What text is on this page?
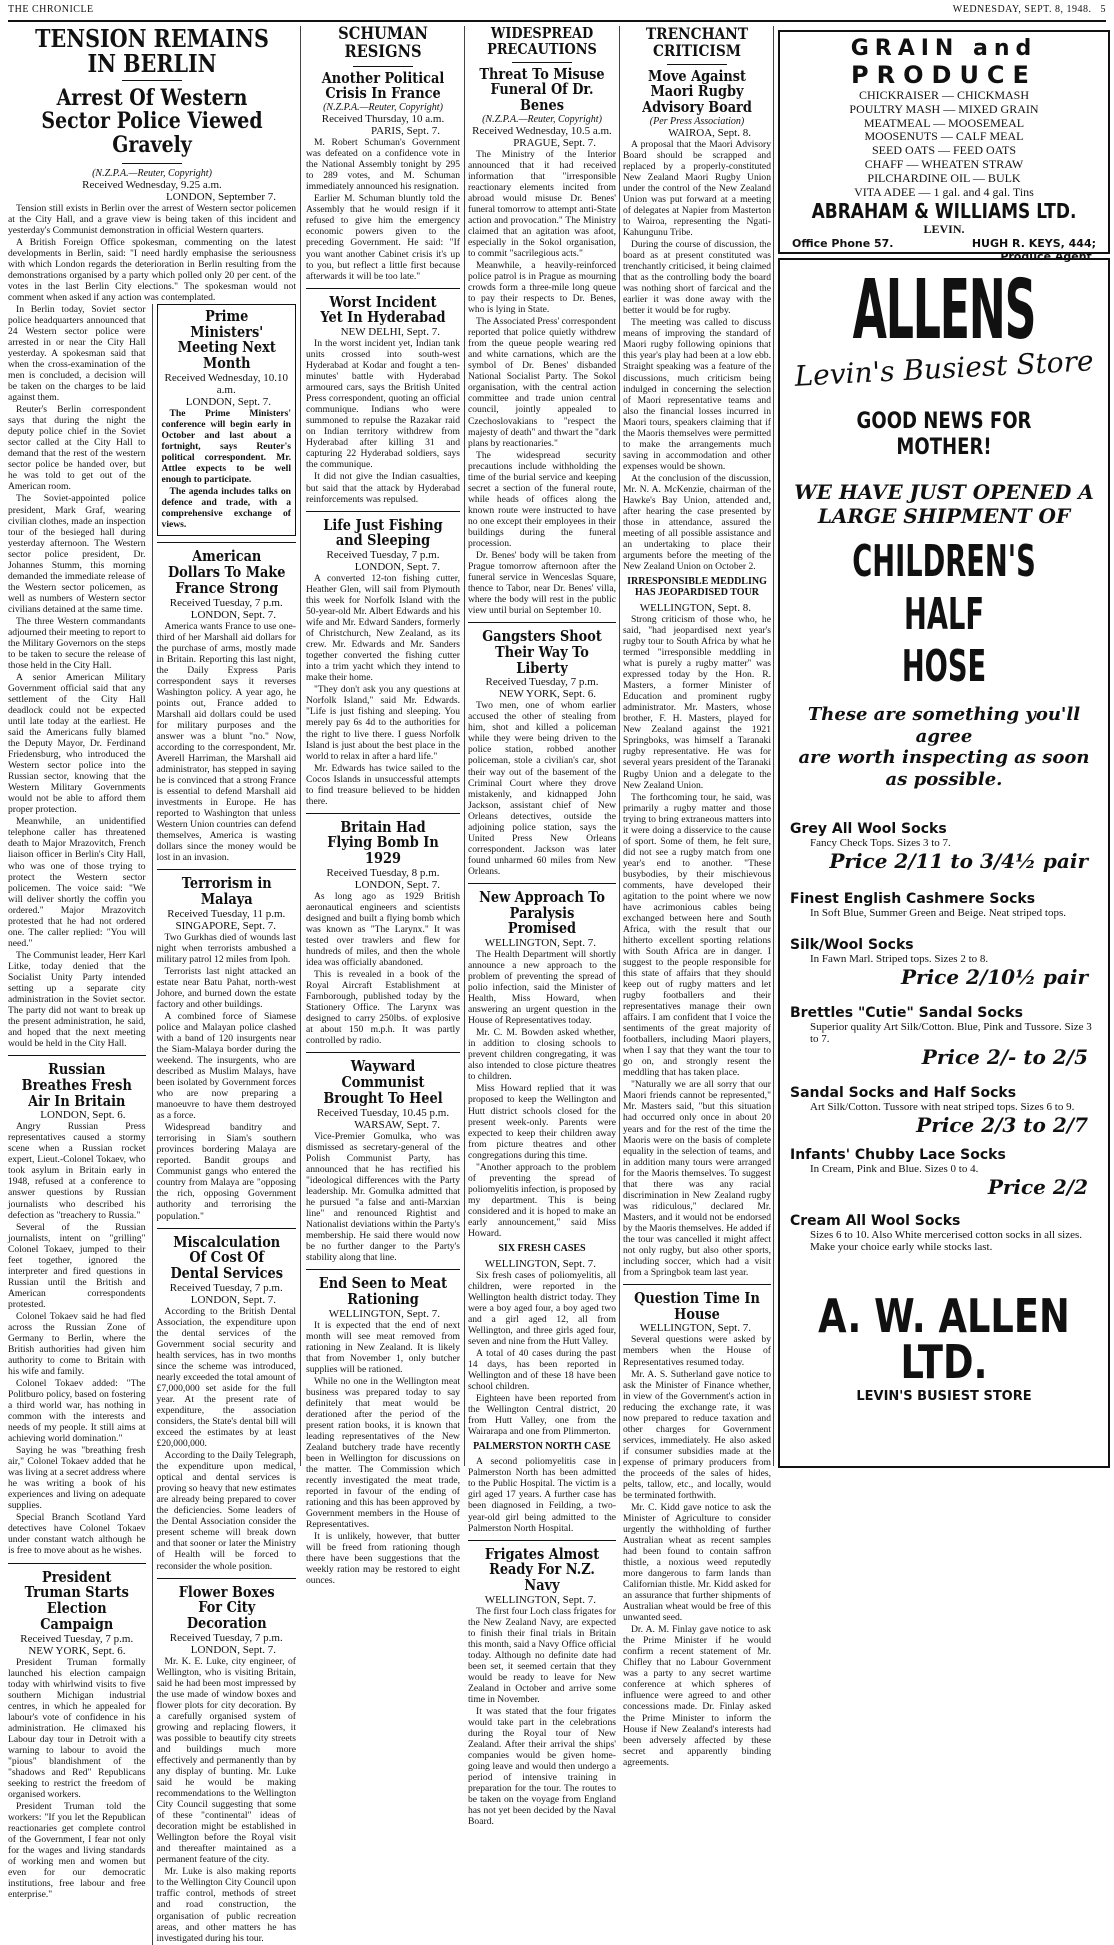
THE CHRONICLE	WEDNESDAY, SEPT. 8, 1948. 5
TENSION REMAINS IN BERLIN
Arrest Of Western Sector Police Viewed Gravely
(N.Z.P.A.—Reuter, Copyright)
Received Wednesday, 9.25 a.m.
LONDON, September 7.

Tension still exists in Berlin over the arrest of Western sector policemen at the City Hall, and a grave view is being taken of this incident and yesterday's Communist demonstration in official Western quarters.

A British Foreign Office spokesman, commenting on the latest developments in Berlin, said: "I need hardly emphasise the seriousness with which London regards the deterioration in Berlin resulting from the demonstrations organised by a party which polled only 20 per cent. of the votes in the last Berlin City elections." The spokesman would not comment when asked if any action was contemplated.

In Berlin today, Soviet sector police headquarters announced that 24 Western sector police were arrested in or near the City Hall yesterday. A spokesman said that when the cross-examination of the men is concluded, a decision will be taken on the charges to be laid against them.

Reuter's Berlin correspondent says that during the night the deputy police chief in the Soviet sector called at the City Hall to demand that the rest of the western sector police be handed over, but he was told to get out of the American room.

The Soviet-appointed police president, Mark Graf, wearing civilian clothes, made an inspection tour of the besieged hall during yesterday afternoon. The Western sector police president, Dr. Johannes Stumm, this morning demanded the immediate release of the Western sector policemen, as well as numbers of Western sector civilians detained at the same time.

The three Western commandants adjourned their meeting to report to the Military Governors on the steps to be taken to secure the release of those held in the City Hall.

A senior American Military Government official said that any settlement of the City Hall deadlock could not be expected until late today at the earliest. He said the Americans fully blamed the Deputy Mayor, Dr. Ferdinand Friedensburg, who introduced the Western sector police into the Russian sector, knowing that the Western Military Governments would not be able to afford them proper protection.

Meanwhile, an unidentified telephone caller has threatened death to Major Mrazovitch, French liaison officer in Berlin's City Hall, who was one of those trying to protect the Western sector policemen. The voice said: "We will deliver shortly the coffin you ordered." Major Mrazovitch protested that he had not ordered one. The caller replied: "You will need."

The Communist leader, Herr Karl Litke, today denied that the Socialist Unity Party intended setting up a separate city administration in the Soviet sector. The party did not want to break up the present administration, he said, and hoped that the next meeting would be held in the City Hall.

Russian Breathes Fresh Air In Britain
LONDON, Sept. 6.

Angry Russian Press representatives caused a stormy scene when a Russian rocket expert, Lieut.-Colonel Tokaev, who took asylum in Britain early in 1948, refused at a conference to answer questions by Russian journalists who described his defection as "treachery to Russia."

Several of the Russian journalists, intent on "grilling" Colonel Tokaev, jumped to their feet together, ignored the interpreter and fired questions in Russian until the British and American correspondents protested.

Colonel Tokaev said he had fled across the Russian Zone of Germany to Berlin, where the British authorities had given him authority to come to Britain with his wife and family.

Colonel Tokaev added: "The Politburo policy, based on fostering a third world war, has nothing in common with the interests and needs of my people. It still aims at achieving world domination."

Saying he was "breathing fresh air," Colonel Tokaev added that he was living at a secret address where he was writing a book of his experiences and living on adequate supplies.

Special Branch Scotland Yard detectives have Colonel Tokaev under constant watch although he is free to move about as he wishes.

President Truman Starts Election Campaign
Received Tuesday, 7 p.m.
NEW YORK, Sept. 6.

President Truman formally launched his election campaign today with whirlwind visits to five southern Michigan industrial centres, in which he appealed for labour's vote of confidence in his administration. He climaxed his Labour day tour in Detroit with a warning to labour to avoid the "pious" blandishment of the "shadows and Red" Republicans seeking to restrict the freedom of organised workers.

President Truman told the workers: "If you let the Republican reactionaries get complete control of the Government, I fear not only for the wages and living standards of working men and women but even for our democratic institutions, free labour and free enterprise."

Prime Ministers' Meeting Next Month
Received Wednesday, 10.10 a.m.
LONDON, Sept. 7.

The Prime Ministers' conference will begin early in October and last about a fortnight, says Reuter's political correspondent. Mr. Attlee expects to be well enough to participate.

The agenda includes talks on defence and trade, with a comprehensive exchange of views.

American Dollars To Make France Strong
Received Tuesday, 7 p.m.
LONDON, Sept. 7.

America wants France to use one-third of her Marshall aid dollars for the purchase of arms, mostly made in Britain. Reporting this last night, the Daily Express Paris correspondent says it reverses Washington policy. A year ago, he points out, France added to Marshall aid dollars could be used for military purposes and the answer was a blunt "no." Now, according to the correspondent, Mr. Averell Harriman, the Marshall aid administrator, has stepped in saying he is convinced that a strong France is essential to defend Marshall aid investments in Europe. He has reported to Washington that unless Western Union countries can defend themselves, America is wasting dollars since the money would be lost in an invasion.

Terrorism in Malaya
Received Tuesday, 11 p.m.
SINGAPORE, Sept. 7.

Two Gurkhas died of wounds last night when terrorists ambushed a military patrol 12 miles from Ipoh.

Terrorists last night attacked an estate near Batu Pahat, north-west Johore, and burned down the estate factory and other buildings.

A combined force of Siamese police and Malayan police clashed with a band of 120 insurgents near the Siam-Malaya border during the weekend. The insurgents, who are described as Muslim Malays, have been isolated by Government forces who are now preparing a manoeuvre to have them destroyed as a force.

Widespread banditry and terrorising in Siam's southern provinces bordering Malaya are reported. Bandit groups and Communist gangs who entered the country from Malaya are "opposing the rich, opposing Government authority and terrorising the population."

Miscalculation Of Cost Of Dental Services
Received Tuesday, 7 p.m.
LONDON, Sept. 7.

According to the British Dental Association, the expenditure upon the dental services of the Government social security and health services, has in two months since the scheme was introduced, nearly exceeded the total amount of £7,000,000 set aside for the full year. At the present rate of expenditure, the association considers, the State's dental bill will exceed the estimates by at least £20,000,000.

According to the Daily Telegraph, the expenditure upon medical, optical and dental services is proving so heavy that new estimates are already being prepared to cover the deficiencies. Some leaders of the Dental Association consider the present scheme will break down and that sooner or later the Ministry of Health will be forced to reconsider the whole position.

Flower Boxes For City Decoration
Received Tuesday, 7 p.m.
LONDON, Sept. 7.

Mr. K. E. Luke, city engineer, of Wellington, who is visiting Britain, said he had been most impressed by the use made of window boxes and flower plots for city decoration. By a carefully organised system of growing and replacing flowers, it was possible to beautify city streets and buildings much more effectively and permanently than by any display of bunting. Mr. Luke said he would be making recommendations to the Wellington City Council suggesting that some of these "continental" ideas of decoration might be established in Wellington before the Royal visit and thereafter maintained as a permanent feature of the city.

Mr. Luke is also making reports to the Wellington City Council upon traffic control, methods of street and road construction, the organisation of public recreation areas, and other matters he has investigated during his tour.

SCHUMAN RESIGNS
Another Political Crisis In France
(N.Z.P.A.—Reuter, Copyright)
Received Thursday, 10 a.m.
PARIS, Sept. 7.

M. Robert Schuman's Government was defeated on a confidence vote in the National Assembly tonight by 295 to 289 votes, and M. Schuman immediately announced his resignation.

Earlier M. Schuman bluntly told the Assembly that he would resign if it refused to give him the emergency economic powers given to the preceding Government. He said: "If you want another Cabinet crisis it's up to you, but reflect a little first because afterwards it will be too late."

Worst Incident Yet In Hyderabad
NEW DELHI, Sept. 7.

In the worst incident yet, Indian tank units crossed into south-west Hyderabad at Kodar and fought a ten-minutes' battle with Hyderabad armoured cars, says the British United Press correspondent, quoting an official communique. Indians who were summoned to repulse the Razakar raid on Indian territory withdrew from Hyderabad after killing 31 and capturing 22 Hyderabad soldiers, says the communique.

It did not give the Indian casualties, but said that the attack by Hyderabad reinforcements was repulsed.

Life Just Fishing and Sleeping
Received Tuesday, 7 p.m.
LONDON, Sept. 7.

A converted 12-ton fishing cutter, Heather Glen, will sail from Plymouth this week for Norfolk Island with the 50-year-old Mr. Albert Edwards and his wife and Mr. Edward Sanders, formerly of Christchurch, New Zealand, as its crew. Mr. Edwards and Mr. Sanders together converted the fishing cutter into a trim yacht which they intend to make their home.

"They don't ask you any questions at Norfolk Island," said Mr. Edwards. "Life is just fishing and sleeping. You merely pay 6s 4d to the authorities for the right to live there. I guess Norfolk Island is just about the best place in the world to relax in after a hard life."

Mr. Edwards has twice sailed to the Cocos Islands in unsuccessful attempts to find treasure believed to be hidden there.

Britain Had Flying Bomb In 1929
Received Tuesday, 8 p.m.
LONDON, Sept. 7.

As long ago as 1929 British aeronautical engineers and scientists designed and built a flying bomb which was known as "The Larynx." It was tested over trawlers and flew for hundreds of miles, and then the whole idea was officially abandoned.

This is revealed in a book of the Royal Aircraft Establishment at Farnborough, published today by the Stationery Office. The Larynx was designed to carry 250lbs. of explosive at about 150 m.p.h. It was partly controlled by radio.

Wayward Communist Brought To Heel
Received Tuesday, 10.45 p.m.
WARSAW, Sept. 7.

Vice-Premier Gomulka, who was dismissed as secretary-general of the Polish Communist Party, has announced that he has rectified his "ideological differences with the Party leadership. Mr. Gomulka admitted that he pursued "a false and anti-Marxian line" and renounced Rightist and Nationalist deviations within the Party's membership. He said there would now be no further danger to the Party's stability along that line.

End Seen to Meat Rationing
WELLINGTON, Sept. 7.

It is expected that the end of next month will see meat removed from rationing in New Zealand. It is likely that from November 1, only butcher supplies will be rationed.

While no one in the Wellington meat business was prepared today to say definitely that meat would be derationed after the period of the present ration books, it is known that leading representatives of the New Zealand butchery trade have recently been in Wellington for discussions on the matter. The Commission which recently investigated the meat trade, reported in favour of the ending of rationing and this has been approved by Government members in the House of Representatives.

It is unlikely, however, that butter will be freed from rationing though there have been suggestions that the weekly ration may be restored to eight ounces.

WIDESPREAD PRECAUTIONS
Threat To Misuse Funeral Of Dr. Benes
(N.Z.P.A.—Reuter, Copyright)
Received Wednesday, 10.5 a.m.
PRAGUE, Sept. 7.

The Ministry of the Interior announced that it had received information that "irresponsible reactionary elements incited from abroad would misuse Dr. Benes' funeral tomorrow to attempt anti-State action and provocation." The Ministry claimed that an agitation was afoot, especially in the Sokol organisation, to commit "sacrilegious acts."

Meanwhile, a heavily-reinforced police patrol is in Prague as mourning crowds form a three-mile long queue to pay their respects to Dr. Benes, who is lying in State.

The Associated Press' correspondent reported that police quietly withdrew from the queue people wearing red and white carnations, which are the symbol of Dr. Benes' disbanded National Socialist Party. The Sokol organisation, with the central action committee and trade union central council, jointly appealed to Czechoslovakians to "respect the majesty of death" and thwart the "dark plans by reactionaries."

The widespread security precautions include withholding the time of the burial service and keeping secret a section of the funeral route, while heads of offices along the known route were instructed to have no one except their employees in their buildings during the funeral procession.

Dr. Benes' body will be taken from Prague tomorrow afternoon after the funeral service in Wenceslas Square, thence to Tabor, near Dr. Benes' villa, where the body will rest in the public view until burial on September 10.

Gangsters Shoot Their Way To Liberty
Received Tuesday, 7 p.m.
NEW YORK, Sept. 6.

Two men, one of whom earlier accused the other of stealing from him, shot and killed a policeman while they were being driven to the police station, robbed another policeman, stole a civilian's car, shot their way out of the basement of the Criminal Court where they drove mistakenly, and kidnapped John Jackson, assistant chief of New Orleans detectives, outside the adjoining police station, says the United Press New Orleans correspondent. Jackson was later found unharmed 60 miles from New Orleans.

New Approach To Paralysis Promised
WELLINGTON, Sept. 7.

The Health Department will shortly announce a new approach to the problem of preventing the spread of polio infection, said the Minister of Health, Miss Howard, when answering an urgent question in the House of Representatives today.

Mr. C. M. Bowden asked whether, in addition to closing schools to prevent children congregating, it was also intended to close picture theatres to children.

Miss Howard replied that it was proposed to keep the Wellington and Hutt district schools closed for the present week-only. Parents were expected to keep their children away from picture theatres and other congregations during this time.

"Another approach to the problem of preventing the spread of poliomyelitis infection, is proposed by my department. This is being considered and it is hoped to make an early announcement," said Miss Howard.

SIX FRESH CASES
WELLINGTON, Sept. 7.

Six fresh cases of poliomyelitis, all children, were reported in the Wellington health district today. They were a boy aged four, a boy aged two and a girl aged 12, all from Wellington, and three girls aged four, seven and nine from the Hutt Valley.

A total of 40 cases during the past 14 days, has been reported in Wellington and of these 18 have been school children.

Eighteen have been reported from the Wellington Central district, 20 from Hutt Valley, one from the Wairarapa and one from Plimmerton.

PALMERSTON NORTH CASE

A second poliomyelitis case in Palmerston North has been admitted to the Public Hospital. The victim is a girl aged 17 years. A further case has been diagnosed in Feilding, a two-year-old girl being admitted to the Palmerston North Hospital.

Frigates Almost Ready For N.Z. Navy
WELLINGTON, Sept. 7.

The first four Loch class frigates for the New Zealand Navy, are expected to finish their final trials in Britain this month, said a Navy Office official today. Although no definite date had been set, it seemed certain that they would be ready to leave for New Zealand in October and arrive some time in November.

It was stated that the four frigates would take part in the celebrations during the Royal tour of New Zealand. After their arrival the ships' companies would be given home-going leave and would then undergo a period of intensive training in preparation for the tour. The routes to be taken on the voyage from England has not yet been decided by the Naval Board.

TRENCHANT CRITICISM
Move Against Maori Rugby Advisory Board
(Per Press Association)
WAIROA, Sept. 8.

A proposal that the Maori Advisory Board should be scrapped and replaced by a properly-constituted New Zealand Maori Rugby Union under the control of the New Zealand Union was put forward at a meeting of delegates at Napier from Masterton to Wairoa, representing the Ngati-Kahungunu Tribe.

During the course of discussion, the board as at present constituted was trenchantly criticised, it being claimed that as the controlling body the board was nothing short of farcical and the earlier it was done away with the better it would be for rugby.

The meeting was called to discuss means of improving the standard of Maori rugby following opinions that this year's play had been at a low ebb. Straight speaking was a feature of the discussions, much criticism being indulged in concerning the selection of Maori representative teams and also the financial losses incurred in Maori tours, speakers claiming that if the Maoris themselves were permitted to make the arrangements much saving in accommodation and other expenses would be shown.

At the conclusion of the discussion, Mr. N. A. McKenzie, chairman of the Hawke's Bay Union, attended and, after hearing the case presented by those in attendance, assured the meeting of all possible assistance and an undertaking to place their arguments before the meeting of the New Zealand Union on October 2.

IRRESPONSIBLE MEDDLING HAS JEOPARDISED TOUR
WELLINGTON, Sept. 8.

Strong criticism of those who, he said, "had jeopardised next year's rugby tour to South Africa by what he termed "irresponsible meddling in what is purely a rugby matter" was expressed today by the Hon. R. Masters, a former Minister of Education and prominent rugby administrator. Mr. Masters, whose brother, F. H. Masters, played for New Zealand against the 1921 Springboks, was himself a Taranaki rugby representative. He was for several years president of the Taranaki Rugby Union and a delegate to the New Zealand Union.

The forthcoming tour, he said, was primarily a rugby matter and those trying to bring extraneous matters into it were doing a disservice to the cause of sport. Some of them, he felt sure, did not see a rugby match from one year's end to another. "These busybodies, by their mischievous comments, have developed their agitation to the point where we now have acrimonious cables being exchanged between here and South Africa, with the result that our hitherto excellent sporting relations with South Africa are in danger. I suggest to the people responsible for this state of affairs that they should keep out of rugby matters and let rugby footballers and their representatives manage their own affairs. I am confident that I voice the sentiments of the great majority of footballers, including Maori players, when I say that they want the tour to go on, and strongly resent the meddling that has taken place.

"Naturally we are all sorry that our Maori friends cannot be represented," Mr. Masters said, "but this situation had occurred only once in about 20 years and for the rest of the time the Maoris were on the basis of complete equality in the selection of teams, and in addition many tours were arranged for the Maoris themselves. To suggest that there was any racial discrimination in New Zealand rugby was ridiculous," declared Mr. Masters, and it would not be endorsed by the Maoris themselves. He added if the tour was cancelled it might affect not only rugby, but also other sports, including soccer, which had a visit from a Springbok team last year.

Question Time In House
WELLINGTON, Sept. 7.

Several questions were asked by members when the House of Representatives resumed today.

Mr. A. S. Sutherland gave notice to ask the Minister of Finance whether, in view of the Government's action in reducing the exchange rate, it was now prepared to reduce taxation and other charges for Government services, immediately. He also asked if consumer subsidies made at the expense of primary producers from the proceeds of the sales of hides, pelts, tallow, etc., and locally, would be terminated forthwith.

Mr. C. Kidd gave notice to ask the Minister of Agriculture to consider urgently the withholding of further Australian wheat as recent samples had been found to contain saffron thistle, a noxious weed reputedly more dangerous to farm lands than Californian thistle. Mr. Kidd asked for an assurance that further shipments of Australian wheat would be free of this unwanted seed.

Dr. A. M. Finlay gave notice to ask the Prime Minister if he would confirm a recent statement of Mr. Chifley that no Labour Government was a party to any secret wartime conference at which spheres of influence were agreed to and other concessions made. Dr. Finlay asked the Prime Minister to inform the House if New Zealand's interests had been adversely affected by these secret and apparently binding agreements.

GRAIN and
PRODUCE
CHICKRAISER — CHICKMASH
POULTRY MASH — MIXED GRAIN
MEATMEAL — MOOSEMEAL
MOOSENUTS — CALF MEAL
SEED OATS — FEED OATS
CHAFF — WHEATEN STRAW
PILCHARDINE OIL — BULK
VITA ADEE — 1 gal. and 4 gal. Tins
ABRAHAM & WILLIAMS LTD.
LEVIN.
Office Phone 57.	HUGH R. KEYS, 444;
Produce Agent.
ALLENS
Levin's Busiest Store
GOOD NEWS FOR
MOTHER!
WE HAVE JUST OPENED A
LARGE SHIPMENT OF
CHILDREN'S
HALF
HOSE
These are something you'll agree
are worth inspecting as soon
as possible.
Grey All Wool Socks
Fancy Check Tops. Sizes 3 to 7.
Price 2/11 to 3/4½ pair
Finest English Cashmere Socks
In Soft Blue, Summer Green and Beige. Neat striped tops.
Silk/Wool Socks
In Fawn Marl. Striped tops. Sizes 2 to 8.
Price 2/10½ pair
Brettles "Cutie" Sandal Socks
Superior quality Art Silk/Cotton. Blue, Pink and Tussore. Size 3 to 7.
Price 2/- to 2/5
Sandal Socks and Half Socks
Art Silk/Cotton. Tussore with neat striped tops. Sizes 6 to 9.
Price 2/3 to 2/7
Infants' Chubby Lace Socks
In Cream, Pink and Blue. Sizes 0 to 4.
Price 2/2
Cream All Wool Socks
Sizes 6 to 10. Also White mercerised cotton socks in all sizes. Make your choice early while stocks last.
A. W. ALLEN LTD.
LEVIN'S BUSIEST STORE
